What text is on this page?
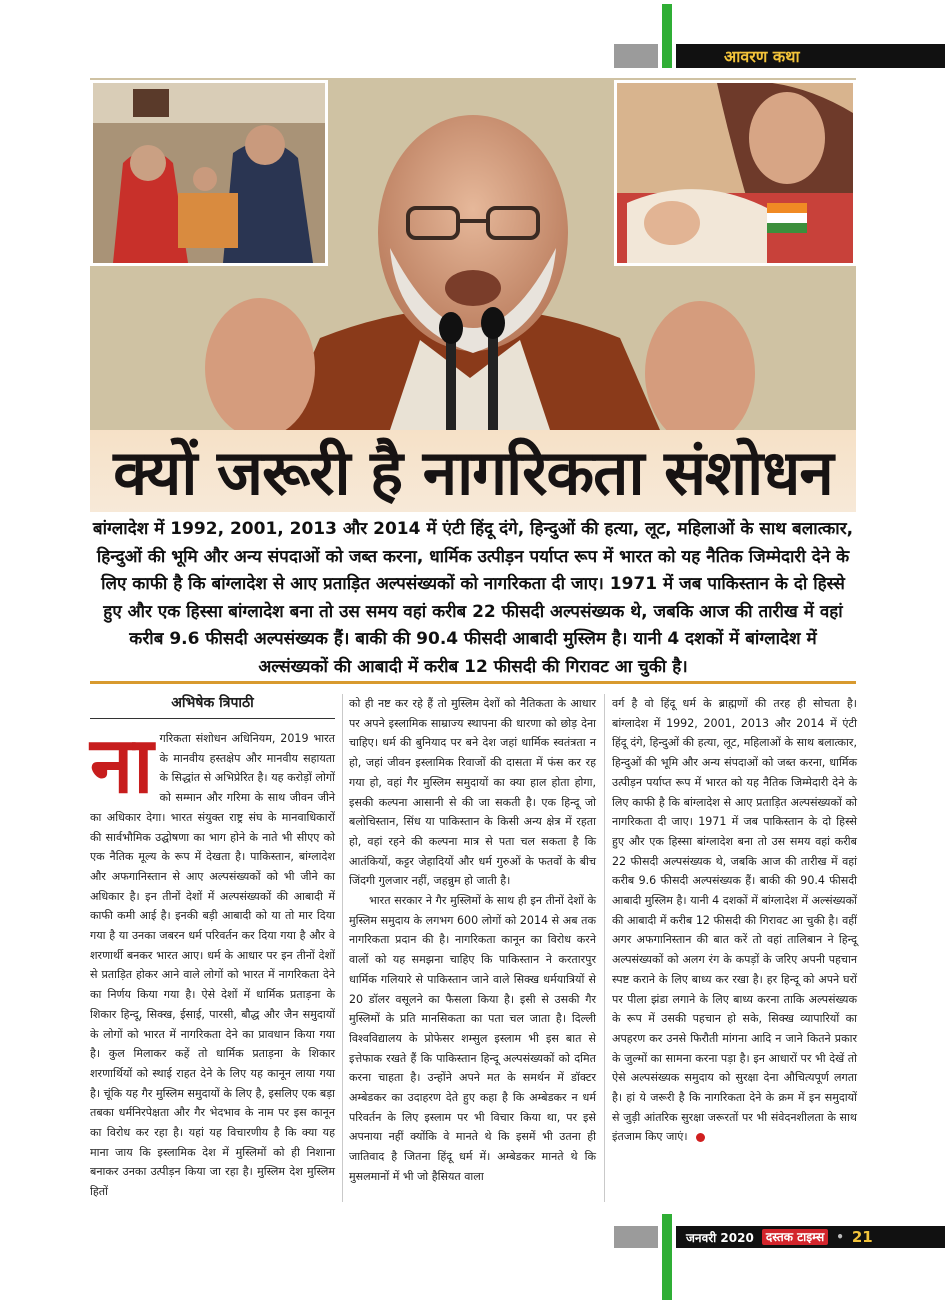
आवरण कथा
क्यों जरूरी है नागरिकता संशोधन

बांग्लादेश में 1992, 2001, 2013 और 2014 में एंटी हिंदू दंगे, हिन्दुओं की हत्या, लूट, महिलाओं के साथ बलात्कार, हिन्दुओं की भूमि और अन्य संपदाओं को जब्त करना, धार्मिक उत्पीड़न पर्याप्त रूप में भारत को यह नैतिक जिम्मेदारी देने के लिए काफी है कि बांग्लादेश से आए प्रताड़ित अल्पसंख्यकों को नागरिकता दी जाए। 1971 में जब पाकिस्तान के दो हिस्से हुए और एक हिस्सा बांग्लादेश बना तो उस समय वहां करीब 22 फीसदी अल्पसंख्यक थे, जबकि आज की तारीख में वहां करीब 9.6 फीसदी अल्पसंख्यक हैं। बाकी की 90.4 फीसदी आबादी मुस्लिम है। यानी 4 दशकों में बांग्लादेश में अल्संख्यकों की आबादी में करीब 12 फीसदी की गिरावट आ चुकी है।

अभिषेक त्रिपाठी
ना गरिकता संशोधन अधिनियम, 2019 भारत के मानवीय हस्तक्षेप और मानवीय सहायता के सिद्धांत से अभिप्रेरित है। यह करोड़ों लोगों को सम्मान और गरिमा के साथ जीवन जीने का अधिकार देगा। भारत संयुक्त राष्ट्र संघ के मानवाधिकारों की सार्वभौमिक उद्घोषणा का भाग होने के नाते भी सीएए को एक नैतिक मूल्य के रूप में देखता है। पाकिस्तान, बांग्लादेश और अफगानिस्तान से आए अल्पसंख्यकों को भी जीने का अधिकार है। इन तीनों देशों में अल्पसंख्यकों की आबादी में काफी कमी आई है। इनकी बड़ी आबादी को या तो मार दिया गया है या उनका जबरन धर्म परिवर्तन कर दिया गया है और वे शरणार्थी बनकर भारत आए। धर्म के आधार पर इन तीनों देशों से प्रताड़ित होकर आने वाले लोगों को भारत में नागरिकता देने का निर्णय किया गया है। ऐसे देशों में धार्मिक प्रताड़ना के शिकार हिन्दू, सिक्ख, ईसाई, पारसी, बौद्ध और जैन समुदायों के लोगों को भारत में नागरिकता देने का प्रावधान किया गया है। कुल मिलाकर कहें तो धार्मिक प्रताड़ना के शिकार शरणार्थियों को स्थाई राहत देने के लिए यह कानून लाया गया है। चूंकि यह गैर मुस्लिम समुदायों के लिए है, इसलिए एक बड़ा तबका धर्मनिरपेक्षता और गैर भेदभाव के नाम पर इस कानून का विरोध कर रहा है। यहां यह विचारणीय है कि क्या यह माना जाय कि इस्लामिक देश में मुस्लिमों को ही निशाना बनाकर उनका उत्पीड़न किया जा रहा है। मुस्लिम देश मुस्लिम हितों

को ही नष्ट कर रहे हैं तो मुस्लिम देशों को नैतिकता के आधार पर अपने इस्लामिक साम्राज्य स्थापना की धारणा को छोड़ देना चाहिए। धर्म की बुनियाद पर बने देश जहां धार्मिक स्वतंत्रता न हो, जहां जीवन इस्लामिक रिवाजों की दासता में फंस कर रह गया हो, वहां गैर मुस्लिम समुदायों का क्या हाल होता होगा, इसकी कल्पना आसानी से की जा सकती है। एक हिन्दू जो बलोचिस्तान, सिंध या पाकिस्तान के किसी अन्य क्षेत्र में रहता हो, वहां रहने की कल्पना मात्र से पता चल सकता है कि आतंकियों, कट्टर जेहादियों और धर्म गुरुओं के फतवों के बीच जिंदगी गुलजार नहीं, जहन्नुम हो जाती है।

भारत सरकार ने गैर मुस्लिमों के साथ ही इन तीनों देशों के मुस्लिम समुदाय के लगभग 600 लोगों को 2014 से अब तक नागरिकता प्रदान की है। नागरिकता कानून का विरोध करने वालों को यह समझना चाहिए कि पाकिस्तान ने करतारपुर धार्मिक गलियारे से पाकिस्तान जाने वाले सिक्ख धर्मयात्रियों से 20 डॉलर वसूलने का फैसला किया है। इसी से उसकी गैर मुस्लिमों के प्रति मानसिकता का पता चल जाता है। दिल्ली विश्वविद्यालय के प्रोफेसर शम्सुल इस्लाम भी इस बात से इत्तेफाक रखते हैं कि पाकिस्तान हिन्दू अल्पसंख्यकों को दमित करना चाहता है। उन्होंने अपने मत के समर्थन में डॉक्टर अम्बेडकर का उदाहरण देते हुए कहा है कि अम्बेडकर न धर्म परिवर्तन के लिए इस्लाम पर भी विचार किया था, पर इसे अपनाया नहीं क्योंकि वे मानते थे कि इसमें भी उतना ही जातिवाद है जितना हिंदू धर्म में। अम्बेडकर मानते थे कि मुसलमानों में भी जो हैसियत वाला

वर्ग है वो हिंदू धर्म के ब्राह्मणों की तरह ही सोचता है। बांग्लादेश में 1992, 2001, 2013 और 2014 में एंटी हिंदू दंगे, हिन्दुओं की हत्या, लूट, महिलाओं के साथ बलात्कार, हिन्दुओं की भूमि और अन्य संपदाओं को जब्त करना, धार्मिक उत्पीड़न पर्याप्त रूप में भारत को यह नैतिक जिम्मेदारी देने के लिए काफी है कि बांग्लादेश से आए प्रताड़ित अल्पसंख्यकों को नागरिकता दी जाए। 1971 में जब पाकिस्तान के दो हिस्से हुए और एक हिस्सा बांग्लादेश बना तो उस समय वहां करीब 22 फीसदी अल्पसंख्यक थे, जबकि आज की तारीख में वहां करीब 9.6 फीसदी अल्पसंख्यक हैं। बाकी की 90.4 फीसदी आबादी मुस्लिम है। यानी 4 दशकों में बांग्लादेश में अल्संख्यकों की आबादी में करीब 12 फीसदी की गिरावट आ चुकी है। वहीं अगर अफगानिस्तान की बात करें तो वहां तालिबान ने हिन्दू अल्पसंख्यकों को अलग रंग के कपड़ों के जरिए अपनी पहचान स्पष्ट कराने के लिए बाध्य कर रखा है। हर हिन्दू को अपने घरों पर पीला झंडा लगाने के लिए बाध्य करना ताकि अल्पसंख्यक के रूप में उसकी पहचान हो सके, सिक्ख व्यापारियों का अपहरण कर उनसे फिरौती मांगना आदि न जाने कितने प्रकार के जुल्मों का सामना करना पड़ा है। इन आधारों पर भी देखें तो ऐसे अल्पसंख्यक समुदाय को सुरक्षा देना औचित्यपूर्ण लगता है। हां ये जरूरी है कि नागरिकता देने के क्रम में इन समुदायों से जुड़ी आंतरिक सुरक्षा जरूरतों पर भी संवेदनशीलता के साथ इंतजाम किए जाएं।

जनवरी 2020	दस्तक टाइम्स	• 21
